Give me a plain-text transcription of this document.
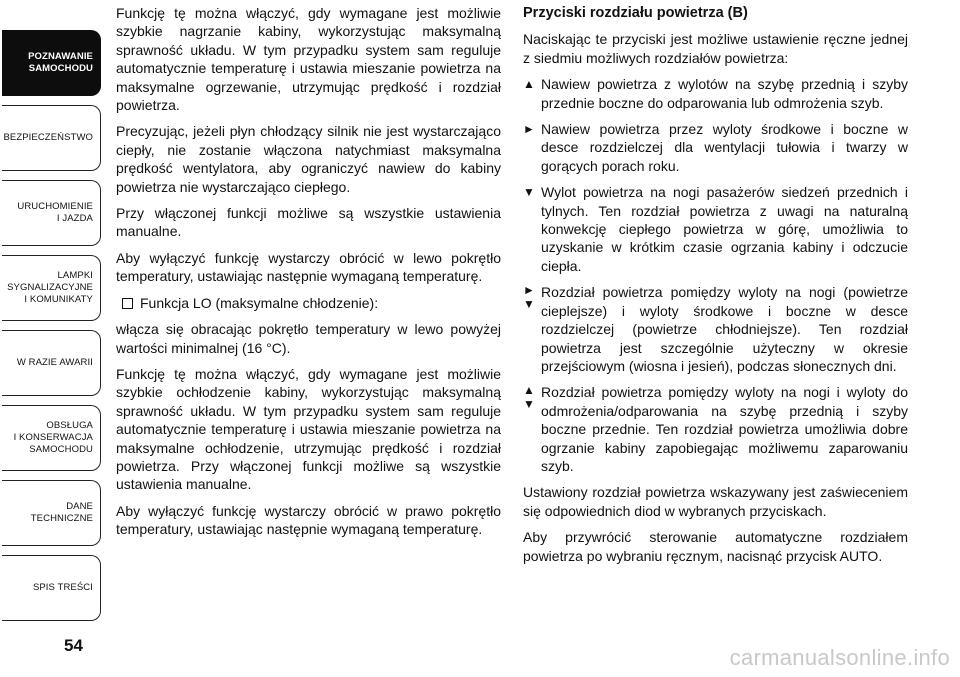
POZNAWANIE
SAMOCHODU
BEZPIECZEŃSTWO
URUCHOMIENIE
I JAZDA
LAMPKI
SYGNALIZACYJNE
I KOMUNIKATY
W RAZIE AWARII
OBSŁUGA
I KONSERWACJA
SAMOCHODU
DANE
TECHNICZNE
SPIS TREŚCI
54

Funkcję tę można włączyć, gdy wymagane jest możliwie szybkie nagrzanie kabiny, wykorzystując maksymalną sprawność układu. W tym przypadku system sam reguluje automatycznie temperaturę i ustawia mieszanie powietrza na maksymalne ogrzewanie, utrzymując prędkość i rozdział powietrza.

Precyzując, jeżeli płyn chłodzący silnik nie jest wystarczająco ciepły, nie zostanie włączona natychmiast maksymalna prędkość wentylatora, aby ograniczyć nawiew do kabiny powietrza nie wystarczająco ciepłego.

Przy włączonej funkcji możliwe są wszystkie ustawienia manualne.

Aby wyłączyć funkcję wystarczy obrócić w lewo pokrętło temperatury, ustawiając następnie wymaganą temperaturę.

Funkcja LO (maksymalne chłodzenie):

włącza się obracając pokrętło temperatury w lewo powyżej wartości minimalnej (16 °C).

Funkcję tę można włączyć, gdy wymagane jest możliwie szybkie ochłodzenie kabiny, wykorzystując maksymalną sprawność układu. W tym przypadku system sam reguluje automatycznie temperaturę i ustawia mieszanie powietrza na maksymalne ochłodzenie, utrzymując prędkość i rozdział powietrza. Przy włączonej funkcji możliwe są wszystkie ustawienia manualne.

Aby wyłączyć funkcję wystarczy obrócić w prawo pokrętło temperatury, ustawiając następnie wymaganą temperaturę.

Przyciski rozdziału powietrza (B)

Naciskając te przyciski jest możliwe ustawienie ręczne jednej z siedmiu możliwych rozdziałów powietrza:

▲ Nawiew powietrza z wylotów na szybę przednią i szyby przednie boczne do odparowania lub odmrożenia szyb.
► Nawiew powietrza przez wyloty środkowe i boczne w desce rozdzielczej dla wentylacji tułowia i twarzy w gorących porach roku.
▼ Wylot powietrza na nogi pasażerów siedzeń przednich i tylnych. Ten rozdział powietrza z uwagi na naturalną konwekcję ciepłego powietrza w górę, umożliwia to uzyskanie w krótkim czasie ogrzania kabiny i odczucie ciepła.
►▼
Rozdział powietrza pomiędzy wyloty na nogi (powietrze cieplejsze) i wyloty środkowe i boczne w desce rozdzielczej (powietrze chłodniejsze). Ten rozdział powietrza jest szczególnie użyteczny w okresie przejściowym (wiosna i jesień), podczas słonecznych dni.
▲▼
Rozdział powietrza pomiędzy wyloty na nogi i wyloty do odmrożenia/odparowania na szybę przednią i szyby boczne przednie. Ten rozdział powietrza umożliwia dobre ogrzanie kabiny zapobiegając możliwemu zaparowaniu szyb.

Ustawiony rozdział powietrza wskazywany jest zaświeceniem się odpowiednich diod w wybranych przyciskach.

Aby przywrócić sterowanie automatyczne rozdziałem powietrza po wybraniu ręcznym, nacisnąć przycisk AUTO.

carmanualsonline.info
